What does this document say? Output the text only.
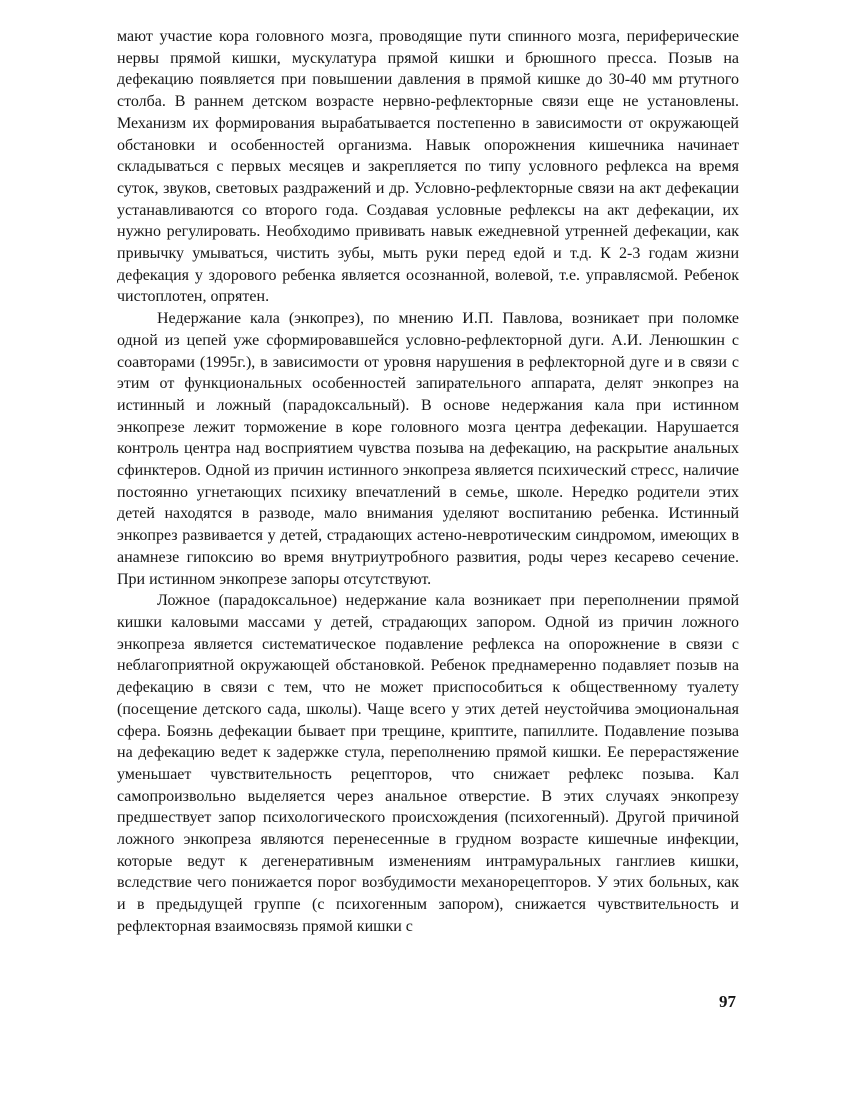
мают участие кора головного мозга, проводящие пути спинного мозга, периферические нервы прямой кишки, мускулатура прямой кишки и брюшного пресса. Позыв на дефекацию появляется при повышении давления в прямой кишке до 30-40 мм ртутного столба. В раннем детском возрасте нервно-рефлекторные связи еще не установлены. Механизм их формирования вырабатывается постепенно в зависимости от окружающей обстановки и особенностей организма. Навык опорожнения кишечника начинает складываться с первых месяцев и закрепляется по типу условного рефлекса на время суток, звуков, световых раздражений и др. Условно-рефлекторные связи на акт дефекации устанавливаются со второго года. Создавая условные рефлексы на акт дефекации, их нужно регулировать. Необходимо прививать навык ежедневной утренней дефекации, как привычку умываться, чистить зубы, мыть руки перед едой и т.д. К 2-3 годам жизни дефекация у здорового ребенка является осознанной, волевой, т.е. управлясмой. Ребенок чистоплотен, опрятен.

Недержание кала (энкопрез), по мнению И.П. Павлова, возникает при поломке одной из цепей уже сформировавшейся условно-рефлекторной дуги. А.И. Ленюшкин с соавторами (1995г.), в зависимости от уровня нарушения в рефлекторной дуге и в связи с этим от функциональных особенностей запирательного аппарата, делят энкопрез на истинный и ложный (парадоксальный). В основе недержания кала при истинном энкопрезе лежит торможение в коре головного мозга центра дефекации. Нарушается контроль центра над восприятием чувства позыва на дефекацию, на раскрытие анальных сфинктеров. Одной из причин истинного энкопреза является психический стресс, наличие постоянно угнетающих психику впечатлений в семье, школе. Нередко родители этих детей находятся в разводе, мало внимания уделяют воспитанию ребенка. Истинный энкопрез развивается у детей, страдающих астено-невротическим синдромом, имеющих в анамнезе гипоксию во время внутриутробного развития, роды через кесарево сечение. При истинном энкопрезе запоры отсутствуют.

Ложное (парадоксальное) недержание кала возникает при переполнении прямой кишки каловыми массами у детей, страдающих запором. Одной из причин ложного энкопреза является систематическое подавление рефлекса на опорожнение в связи с неблагоприятной окружающей обстановкой. Ребенок преднамеренно подавляет позыв на дефекацию в связи с тем, что не может приспособиться к общественному туалету (посещение детского сада, школы). Чаще всего у этих детей неустойчива эмоциональная сфера. Боязнь дефекации бывает при трещине, криптите, папиллите. Подавление позыва на дефекацию ведет к задержке стула, переполнению прямой кишки. Ее перерастяжение уменьшает чувствительность рецепторов, что снижает рефлекс позыва. Кал самопроизвольно выделяется через анальное отверстие. В этих случаях энкопрезу предшествует запор психологического происхождения (психогенный). Другой причиной ложного энкопреза являются перенесенные в грудном возрасте кишечные инфекции, которые ведут к дегенеративным изменениям интрамуральных ганглиев кишки, вследствие чего понижается порог возбудимости механорецепторов. У этих больных, как и в предыдущей группе (с психогенным запором), снижается чувствительность и рефлекторная взаимосвязь прямой кишки с

97
